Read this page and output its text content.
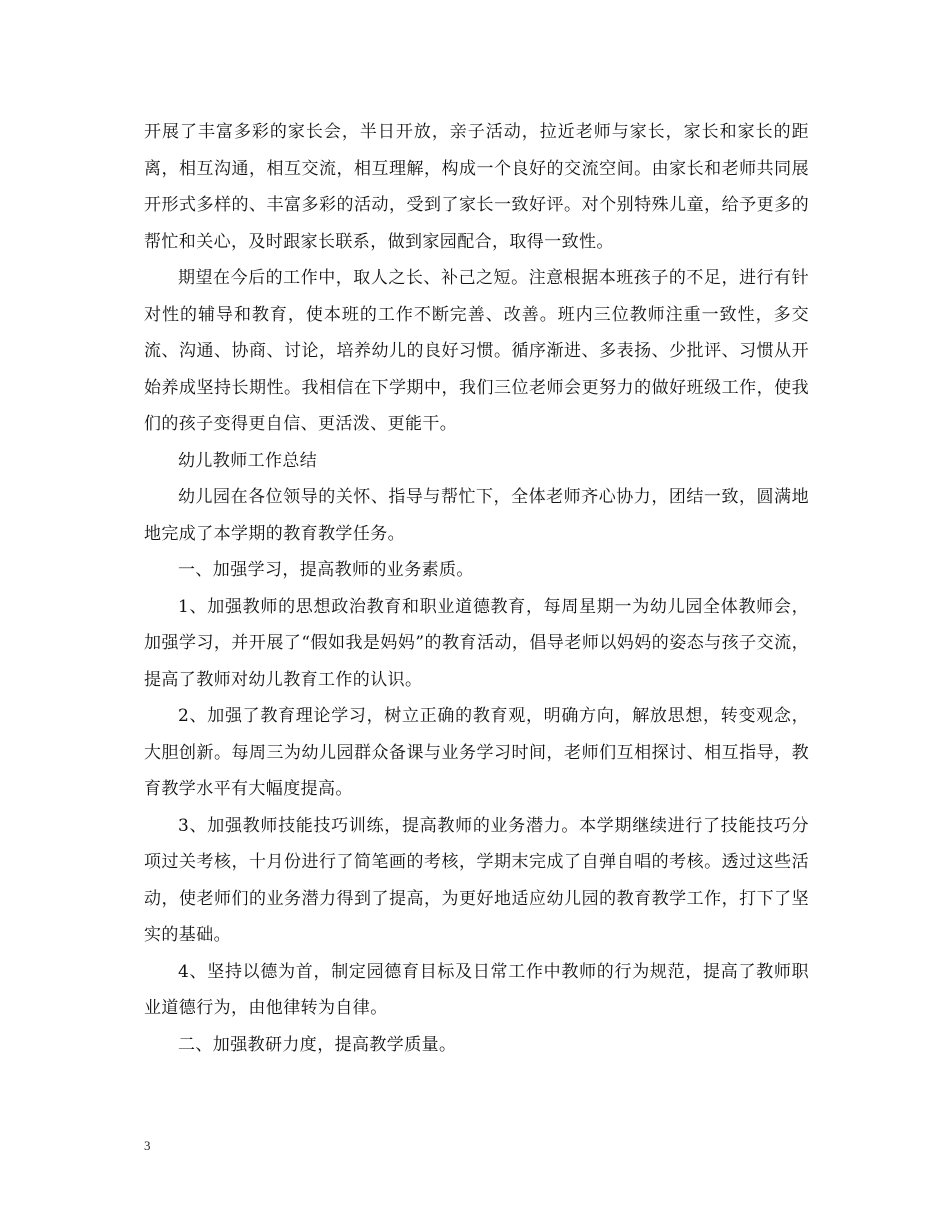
开展了丰富多彩的家长会，半日开放，亲子活动，拉近老师与家长，家长和家长的距离，相互沟通，相互交流，相互理解，构成一个良好的交流空间。由家长和老师共同展开形式多样的、丰富多彩的活动，受到了家长一致好评。对个别特殊儿童，给予更多的帮忙和关心，及时跟家长联系，做到家园配合，取得一致性。

期望在今后的工作中，取人之长、补己之短。注意根据本班孩子的不足，进行有针对性的辅导和教育，使本班的工作不断完善、改善。班内三位教师注重一致性，多交流、沟通、协商、讨论，培养幼儿的良好习惯。循序渐进、多表扬、少批评、习惯从开始养成坚持长期性。我相信在下学期中，我们三位老师会更努力的做好班级工作，使我们的孩子变得更自信、更活泼、更能干。

幼儿教师工作总结

幼儿园在各位领导的关怀、指导与帮忙下，全体老师齐心协力，团结一致，圆满地地完成了本学期的教育教学任务。

一、加强学习，提高教师的业务素质。

1、加强教师的思想政治教育和职业道德教育，每周星期一为幼儿园全体教师会，加强学习，并开展了“假如我是妈妈”的教育活动，倡导老师以妈妈的姿态与孩子交流，提高了教师对幼儿教育工作的认识。

2、加强了教育理论学习，树立正确的教育观，明确方向，解放思想，转变观念，大胆创新。每周三为幼儿园群众备课与业务学习时间，老师们互相探讨、相互指导，教育教学水平有大幅度提高。

3、加强教师技能技巧训练，提高教师的业务潜力。本学期继续进行了技能技巧分项过关考核，十月份进行了简笔画的考核，学期末完成了自弹自唱的考核。透过这些活动，使老师们的业务潜力得到了提高，为更好地适应幼儿园的教育教学工作，打下了坚实的基础。

4、坚持以德为首，制定园德育目标及日常工作中教师的行为规范，提高了教师职业道德行为，由他律转为自律。

二、加强教研力度，提高教学质量。

3
